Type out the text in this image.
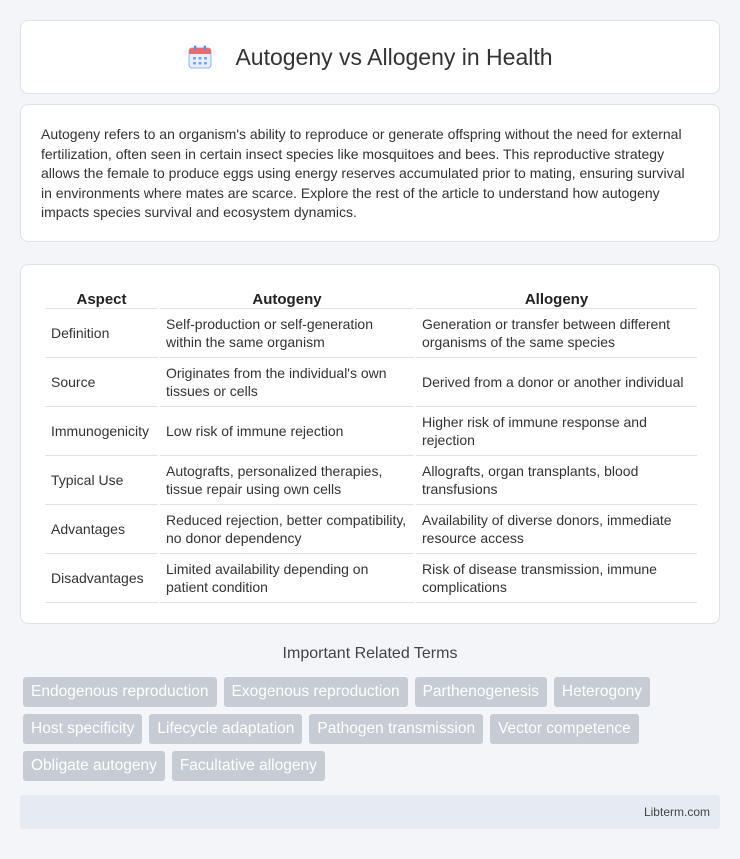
Autogeny vs Allogeny in Health

Autogeny refers to an organism's ability to reproduce or generate offspring without the need for external fertilization, often seen in certain insect species like mosquitoes and bees. This reproductive strategy allows the female to produce eggs using energy reserves accumulated prior to mating, ensuring survival in environments where mates are scarce. Explore the rest of the article to understand how autogeny impacts species survival and ecosystem dynamics.

Aspect	Autogeny	Allogeny
Definition	Self-production or self-generation within the same organism	Generation or transfer between different organisms of the same species
Source	Originates from the individual's own tissues or cells	Derived from a donor or another individual
Immunogenicity	Low risk of immune rejection	Higher risk of immune response and rejection
Typical Use	Autografts, personalized therapies, tissue repair using own cells	Allografts, organ transplants, blood transfusions
Advantages	Reduced rejection, better compatibility, no donor dependency	Availability of diverse donors, immediate resource access
Disadvantages	Limited availability depending on patient condition	Risk of disease transmission, immune complications
Important Related Terms
Endogenous reproduction	Exogenous reproduction	Parthenogenesis	Heterogony
Host specificity	Lifecycle adaptation	Pathogen transmission	Vector competence
Obligate autogeny	Facultative allogeny
Libterm.com
